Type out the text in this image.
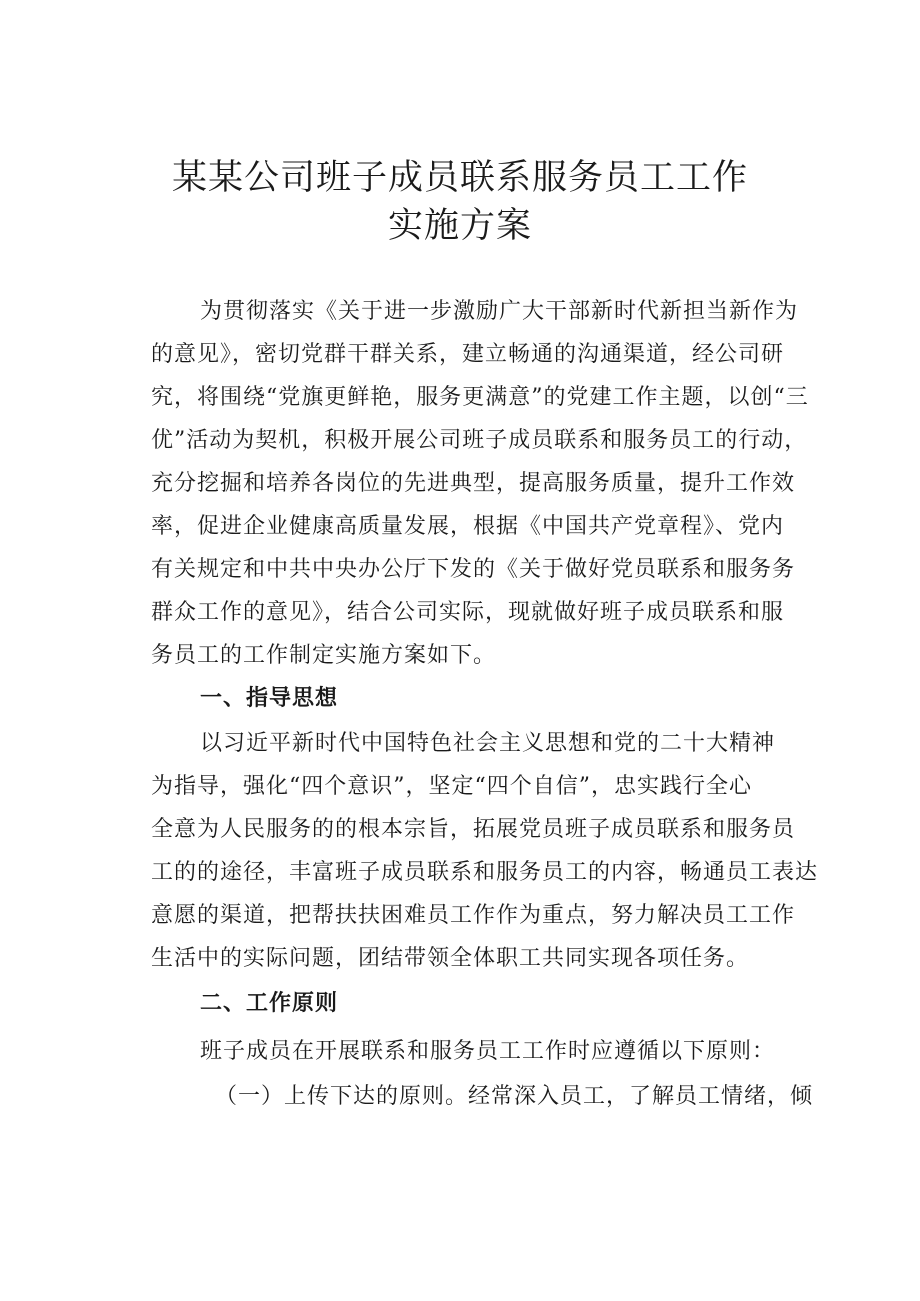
某某公司班子成员联系服务员工工作
实施方案
为贯彻落实《关于进一步激励广大干部新时代新担当新作为
的意见》，密切党群干群关系，建立畅通的沟通渠道，经公司研
究，将围绕“党旗更鲜艳，服务更满意”的党建工作主题，以创“三
优”活动为契机，积极开展公司班子成员联系和服务员工的行动，
充分挖掘和培养各岗位的先进典型，提高服务质量，提升工作效
率，促进企业健康高质量发展，根据《中国共产党章程》、党内
有关规定和中共中央办公厅下发的《关于做好党员联系和服务务
群众工作的意见》，结合公司实际，现就做好班子成员联系和服
务员工的工作制定实施方案如下。
一、指导思想
以习近平新时代中国特色社会主义思想和党的二十大精神
为指导，强化“四个意识”，坚定“四个自信”，忠实践行全心
全意为人民服务的的根本宗旨，拓展党员班子成员联系和服务员
工的的途径，丰富班子成员联系和服务员工的内容，畅通员工表达
意愿的渠道，把帮扶扶困难员工作作为重点，努力解决员工工作
生活中的实际问题，团结带领全体职工共同实现各项任务。
二、工作原则
班子成员在开展联系和服务员工工作时应遵循以下原则：
（一）上传下达的原则。经常深入员工，了解员工情绪，倾
